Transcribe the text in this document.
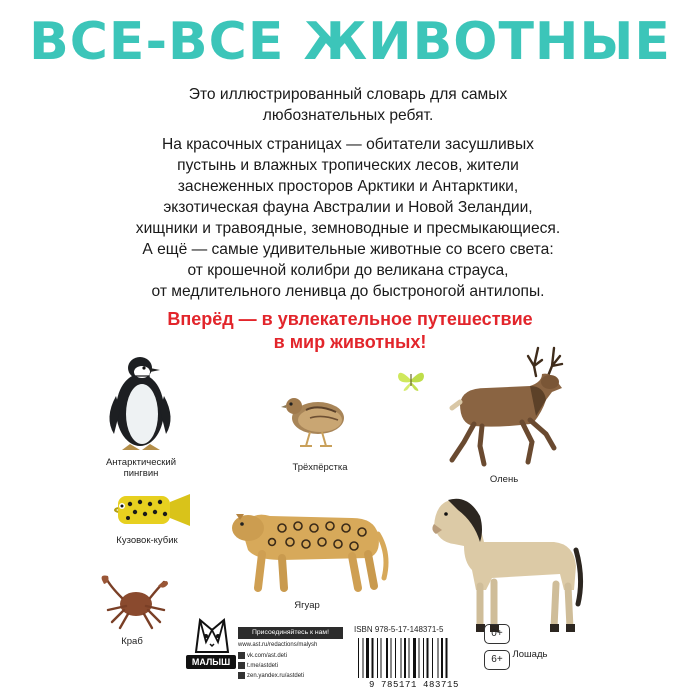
ВСЕ-ВСЕ ЖИВОТНЫЕ
Это иллюстрированный словарь для самых
любознательных ребят.
На красочных страницах — обитатели засушливых
пустынь и влажных тропических лесов, жители
заснеженных просторов Арктики и Антарктики,
экзотическая фауна Австралии и Новой Зеландии,
хищники и травоядные, земноводные и пресмыкающиеся.
А ещё — самые удивительные животные со всего света:
от крошечной колибри до великана страуса,
от медлительного ленивца до быстроногой антилопы.
Вперёд — в увлекательное путешествие
в мир животных!
Антарктический
пингвин
Трёхпёрстка
Олень
Кузовок-кубик
Ягуар
Лошадь
Краб
МАЛЫШ
Присоединяйтесь к нам!
www.ast.ru/redactions/malysh
vk.com/ast.deti
t.me/astdeti
zen.yandex.ru/astdeti
ISBN 978-5-17-148371-5
9 785171 483715
0+
6+
